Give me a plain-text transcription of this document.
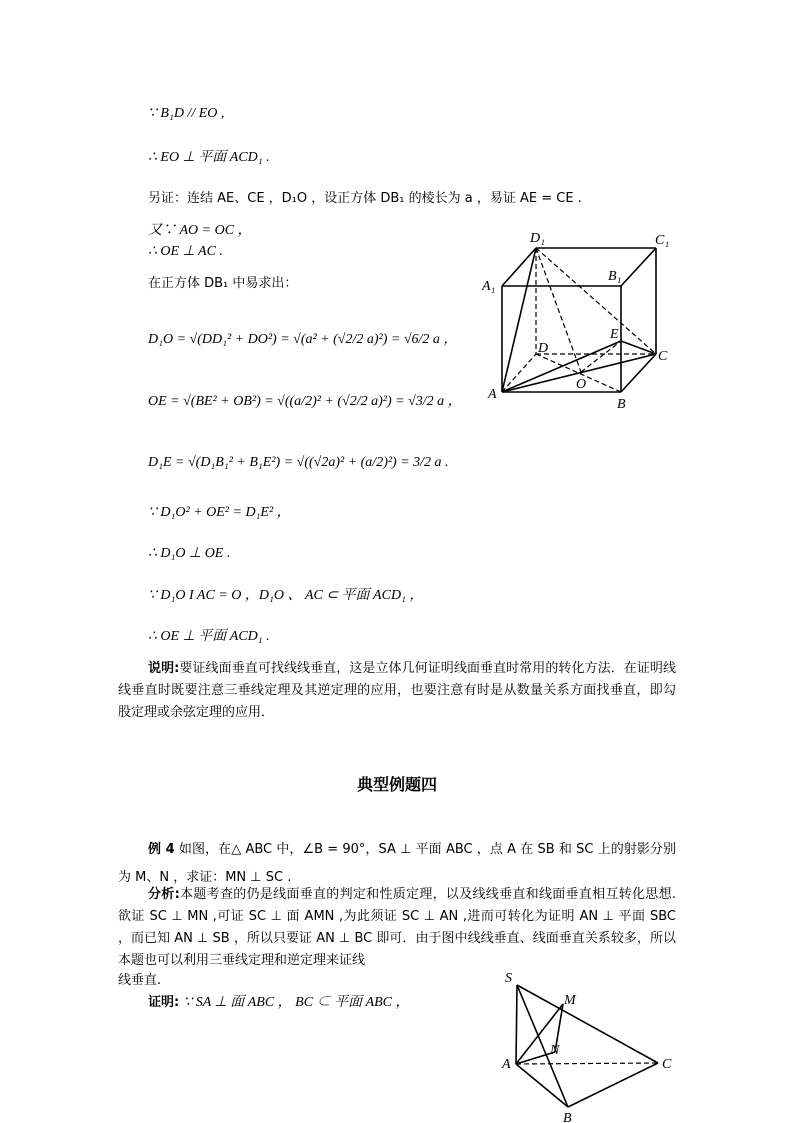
∵ B₁D // EO ,
∴ EO ⊥ 平面 ACD₁ .
另证：连结 AE、CE ，D₁O ，设正方体 DB₁ 的棱长为 a ，易证 AE = CE .
又∵ AO = OC ，
∴ OE ⊥ AC .
在正方体 DB₁ 中易求出：
D₁O = √(DD₁² + DO²) = √(a² + (√2/2 a)²) = √6/2 a ，
OE = √(BE² + OB²) = √((a/2)² + (√2/2 a)²) = √3/2 a ，
D₁E = √(D₁B₁² + B₁E²) = √((√2a)² + (a/2)²) = 3/2 a .
∵ D₁O² + OE² = D₁E² ，
∴ D₁O ⊥ OE .
∵ D₁O I AC = O ，D₁O 、 AC ⊂ 平面 ACD₁ ，
∴ OE ⊥ 平面 ACD₁ .
说明:要证线面垂直可找线线垂直，这是立体几何证明线面垂直时常用的转化方法．在证明线线垂直时既要注意三垂线定理及其逆定理的应用，也要注意有时是从数量关系方面找垂直，即勾股定理或余弦定理的应用．
典型例题四
例 4 如图，在△ ABC 中，∠B = 90°，SA ⊥ 平面 ABC ，点 A 在 SB 和 SC 上的射影分别为 M、N ，求证：MN ⊥ SC .
分析:本题考查的仍是线面垂直的判定和性质定理，以及线线垂直和线面垂直相互转化思想.欲证 SC ⊥ MN ,可证 SC ⊥ 面 AMN ,为此须证 SC ⊥ AN ,进而可转化为证明 AN ⊥ 平面 SBC ，而已知 AN ⊥ SB ，所以只要证 AN ⊥ BC 即可．由于图中线线垂直、线面垂直关系较多，所以本题也可以利用三垂线定理和逆定理来证线
线垂直.
证明: ∵ SA ⊥ 面 ABC ， BC ⊂ 平面 ABC ，
D₁	C₁
B₁
A₁
E
D
C
O
A
B
S
M
N
A	C
B
